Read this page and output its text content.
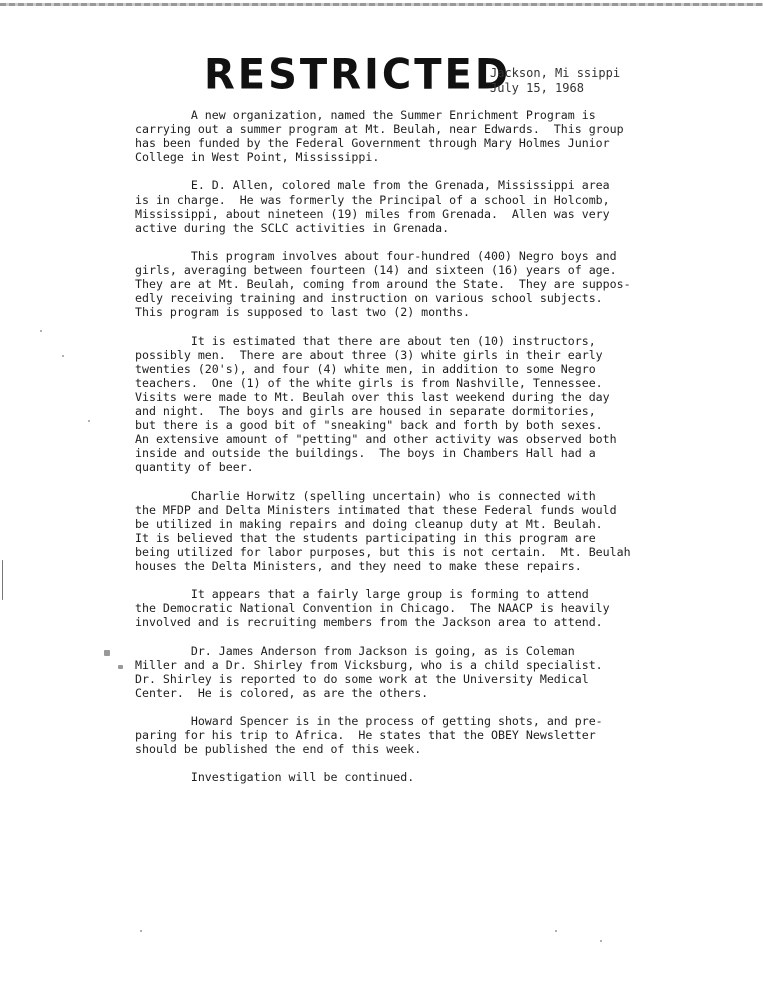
RESTRICTED
Jackson, Mi ssippi
July 15, 1968
A new organization, named the Summer Enrichment Program is
carrying out a summer program at Mt. Beulah, near Edwards.  This group
has been funded by the Federal Government through Mary Holmes Junior
College in West Point, Mississippi.
E. D. Allen, colored male from the Grenada, Mississippi area
is in charge.  He was formerly the Principal of a school in Holcomb,
Mississippi, about nineteen (19) miles from Grenada.  Allen was very
active during the SCLC activities in Grenada.
This program involves about four-hundred (400) Negro boys and
girls, averaging between fourteen (14) and sixteen (16) years of age.
They are at Mt. Beulah, coming from around the State.  They are suppos-
edly receiving training and instruction on various school subjects.
This program is supposed to last two (2) months.
It is estimated that there are about ten (10) instructors,
possibly men.  There are about three (3) white girls in their early
twenties (20's), and four (4) white men, in addition to some Negro
teachers.  One (1) of the white girls is from Nashville, Tennessee.
Visits were made to Mt. Beulah over this last weekend during the day
and night.  The boys and girls are housed in separate dormitories,
but there is a good bit of "sneaking" back and forth by both sexes.
An extensive amount of "petting" and other activity was observed both
inside and outside the buildings.  The boys in Chambers Hall had a
quantity of beer.
Charlie Horwitz (spelling uncertain) who is connected with
the MFDP and Delta Ministers intimated that these Federal funds would
be utilized in making repairs and doing cleanup duty at Mt. Beulah.
It is believed that the students participating in this program are
being utilized for labor purposes, but this is not certain.  Mt. Beulah
houses the Delta Ministers, and they need to make these repairs.
It appears that a fairly large group is forming to attend
the Democratic National Convention in Chicago.  The NAACP is heavily
involved and is recruiting members from the Jackson area to attend.
Dr. James Anderson from Jackson is going, as is Coleman
Miller and a Dr. Shirley from Vicksburg, who is a child specialist.
Dr. Shirley is reported to do some work at the University Medical
Center.  He is colored, as are the others.
Howard Spencer is in the process of getting shots, and pre-
paring for his trip to Africa.  He states that the OBEY Newsletter
should be published the end of this week.
Investigation will be continued.
